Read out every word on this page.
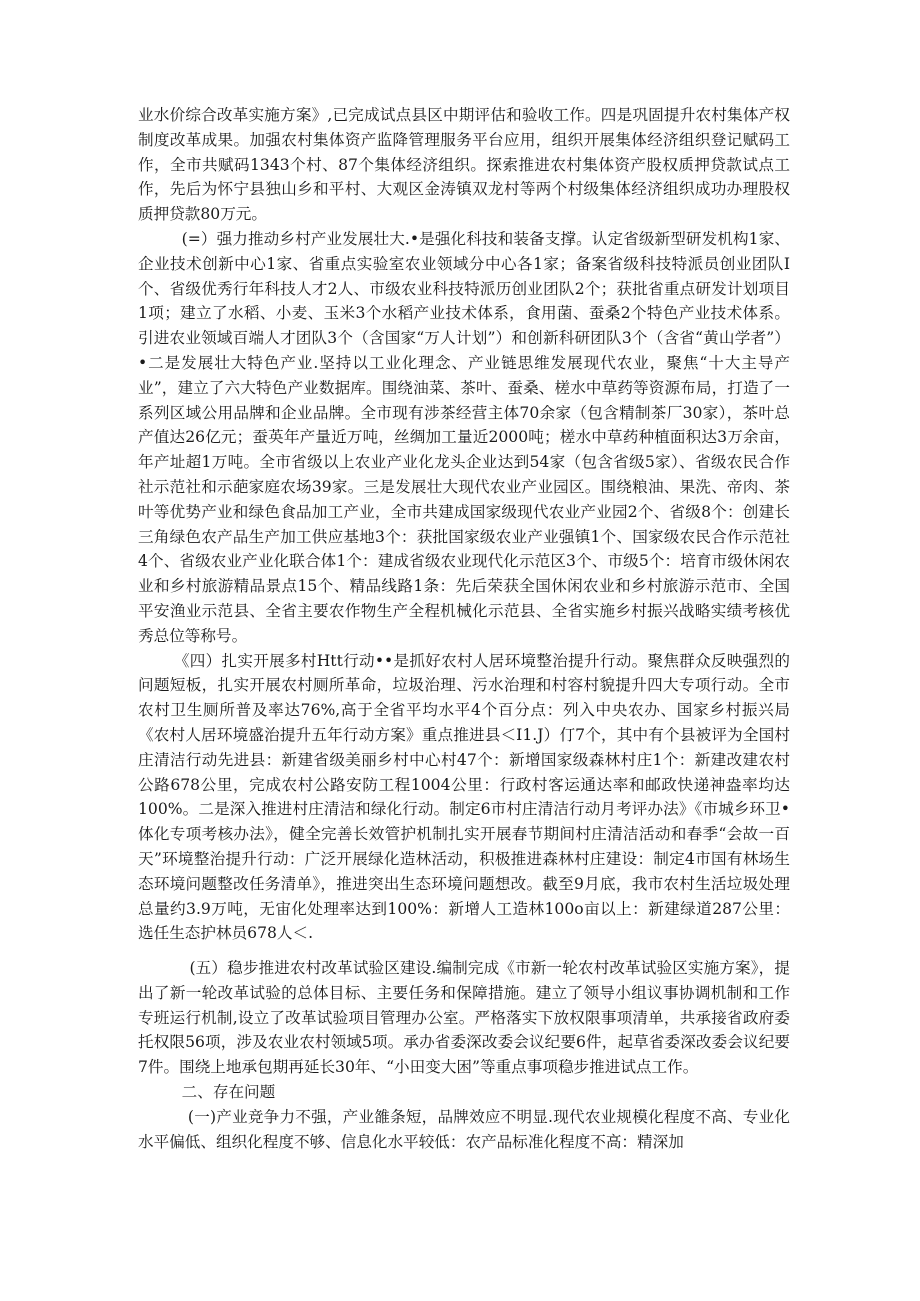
业水价综合改革实施方案》,已完成试点县区中期评估和验收工作。四是巩固提升农村集体产权制度改革成果。加强农村集体资产监降管理服务平台应用，组织开展集体经济组织登记赋码工作，全市共赋码1343个村、87个集体经济组织。探索推进农村集体资产股权质押贷款试点工作，先后为怀宁县独山乡和平村、大观区金涛镇双龙村等两个村级集体经济组织成功办理股权质押贷款80万元。

(=）强力推动乡村产业发展壮大.•是强化科技和装备支撑。认定省级新型研发机构1家、企业技术创新中心1家、省重点实验室农业领域分中心各1家；备案省级科技特派员创业团队I个、省级优秀行年科技人才2人、市级农业科技特派历创业团队2个；获批省重点研发计划项目1项；建立了水稻、小麦、玉米3个水稻产业技术体系，食用菌、蚕桑2个特色产业技术体系。引进农业领域百端人才团队3个（含国家“万人计划”）和创新科研团队3个（含省“黄山学者”）•二是发展壮大特色产业.坚持以工业化理念、产业链思维发展现代农业，聚焦“十大主导产业”，建立了六大特色产业数据库。围绕油菜、茶叶、蚕桑、槎水中草药等资源布局，打造了一系列区域公用品牌和企业品牌。全市现有涉茶经营主体70余家（包含精制茶厂30家），茶叶总产值达26亿元；蚕英年产量近万吨，丝绸加工量近2000吨；槎水中草药种植面积达3万余亩，年产址超1万吨。全市省级以上农业产业化龙头企业达到54家（包含省级5家）、省级农民合作社示范社和示葩家庭农场39家。三是发展壮大现代农业产业园区。围绕粮油、果洗、帝肉、茶叶等优势产业和绿色食品加工产业，全市共建成国家级现代农业产业园2个、省级8个：创建长三角绿色农产品生产加工供应基地3个：获批国家级农业产业强镇1个、国家级农民合作示范社4个、省级农业产业化联合体1个：建成省级农业现代化示范区3个、市级5个：培育市级休闲农业和乡村旅游精品景点15个、精品线路1条：先后荣获全国休闲农业和乡村旅游示范市、全国平安渔业示范县、全省主要农作物生产全程机械化示范县、全省实施乡村振兴战略实绩考核优秀总位等称号。

《四）扎实开展多村Htt行动••是抓好农村人居环境整治提升行动。聚焦群众反映强烈的问题短板，扎实开展农村厕所革命，垃圾治理、污水治理和村容村貌提升四大专项行动。全市农村卫生厕所普及率达76%,高于全省平均水平4个百分点：列入中央农办、国家乡村振兴局《农村人居环境盛治提升五年行动方案》重点推进县＜I1.J）仃7个，其中有个县被评为全国村庄清洁行动先进县：新建省级美丽乡村中心村47个：新增国家级森林村庄1个：新建改建农村公路678公里，完成农村公路安防工程1004公里：行政村客运通达率和邮政快递神盎率均达100%。二是深入推进村庄清洁和绿化行动。制定6市村庄清洁行动月考评办法》《市城乡环卫•体化专项考核办法》，健全完善长效管护机制扎实开展春节期间村庄清洁活动和春季“会故一百天”环境整治提升行动：广泛开展绿化造林活动，积极推进森林村庄建设：制定4市国有林场生态环境问题整改任务清单》，推进突出生态环境问题想改。截至9月底，我市农村生活垃圾处理总量约3.9万吨，无宙化处理率达到100%：新增人工造林100o亩以上：新建绿道287公里：选任生态护林员678人＜.

(五）稳步推进农村改革试验区建设.编制完成《市新一轮农村改革试验区实施方案》，提出了新一轮改革试验的总体目标、主要任务和保障措施。建立了领导小组议事协调机制和工作专班运行机制,设立了改革试验项目管理办公室。严格落实下放权限事项清单，共承接省政府委托权限56项，涉及农业农村领域5项。承办省委深改委会议纪要6件，起草省委深改委会议纪要7件。围绕上地承包期再延长30年、“小田变大困”等重点事项稳步推进试点工作。

二、存在问题

(一)产业竞争力不强，产业雒条短，品牌效应不明显.现代农业规模化程度不高、专业化水平偏低、组织化程度不够、信息化水平较低：农产品标准化程度不高：精深加
